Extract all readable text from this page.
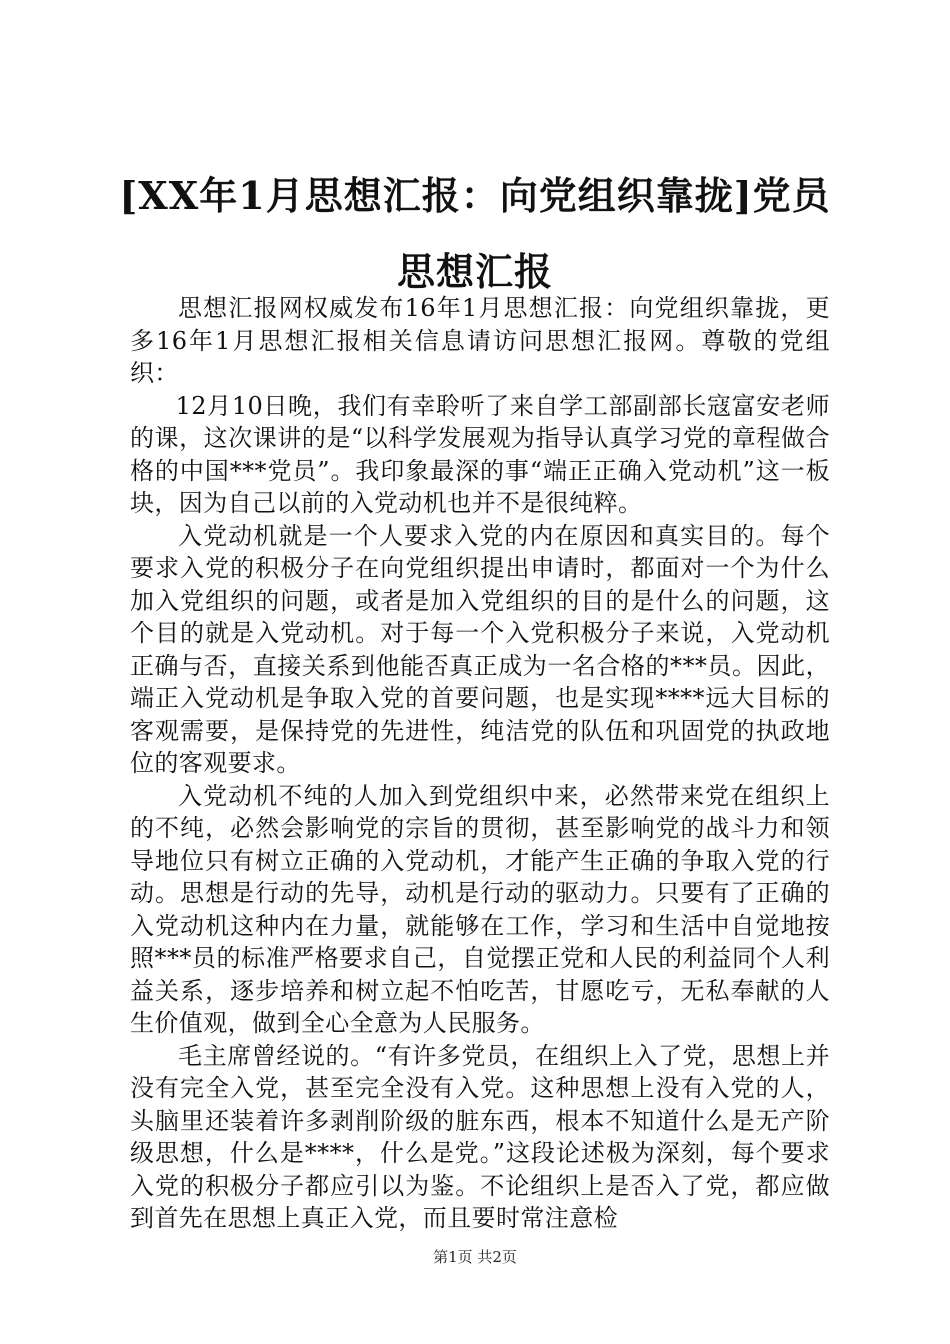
[XX年1月思想汇报：向党组织靠拢]党员思想汇报

思想汇报网权威发布16年1月思想汇报：向党组织靠拢，更多16年1月思想汇报相关信息请访问思想汇报网。尊敬的党组织：

12月10日晚，我们有幸聆听了来自学工部副部长寇富安老师的课，这次课讲的是“以科学发展观为指导认真学习党的章程做合格的中国***党员”。我印象最深的事“端正正确入党动机”这一板块，因为自己以前的入党动机也并不是很纯粹。

入党动机就是一个人要求入党的内在原因和真实目的。每个要求入党的积极分子在向党组织提出申请时，都面对一个为什么加入党组织的问题，或者是加入党组织的目的是什么的问题，这个目的就是入党动机。对于每一个入党积极分子来说，入党动机正确与否，直接关系到他能否真正成为一名合格的***员。因此，端正入党动机是争取入党的首要问题，也是实现****远大目标的客观需要，是保持党的先进性，纯洁党的队伍和巩固党的执政地位的客观要求。

入党动机不纯的人加入到党组织中来，必然带来党在组织上的不纯，必然会影响党的宗旨的贯彻，甚至影响党的战斗力和领导地位只有树立正确的入党动机，才能产生正确的争取入党的行动。思想是行动的先导，动机是行动的驱动力。只要有了正确的入党动机这种内在力量，就能够在工作，学习和生活中自觉地按照***员的标准严格要求自己，自觉摆正党和人民的利益同个人利益关系，逐步培养和树立起不怕吃苦，甘愿吃亏，无私奉献的人生价值观，做到全心全意为人民服务。

毛主席曾经说的。“有许多党员，在组织上入了党，思想上并没有完全入党，甚至完全没有入党。这种思想上没有入党的人，头脑里还装着许多剥削阶级的脏东西，根本不知道什么是无产阶级思想，什么是****，什么是党。”这段论述极为深刻，每个要求入党的积极分子都应引以为鉴。不论组织上是否入了党，都应做到首先在思想上真正入党，而且要时常注意检

第1页 共2页
